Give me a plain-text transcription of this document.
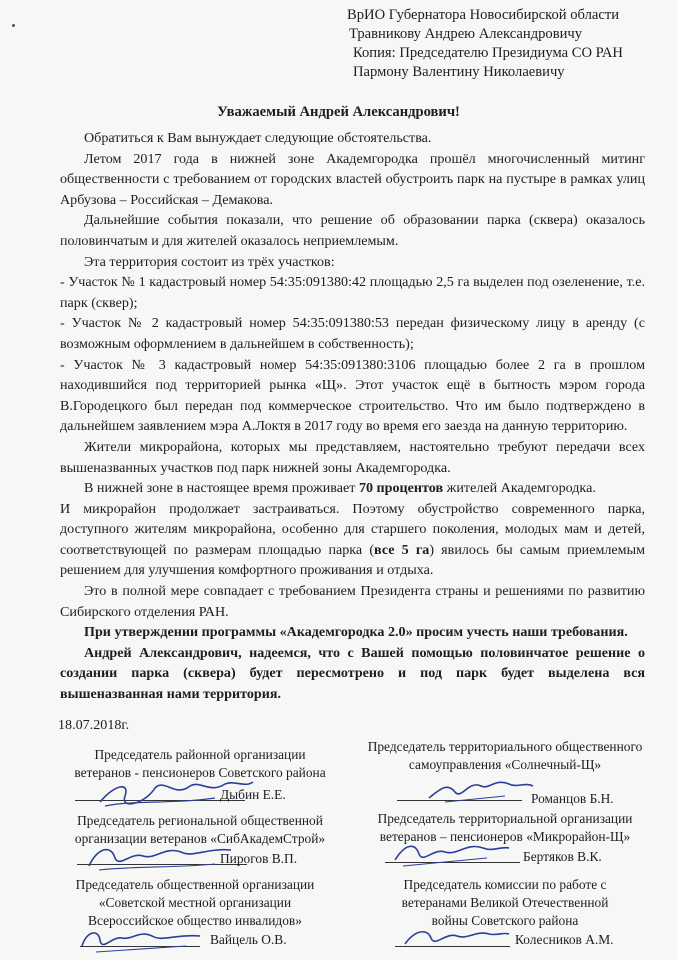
ВрИО Губернатора Новосибирской области
Травникову Андрею Александровичу
Копия: Председателю Президиума СО РАН
Пармону Валентину Николаевичу
Уважаемый Андрей Александрович!

Обратиться к Вам вынуждает следующие обстоятельства.

Летом 2017 года в нижней зоне Академгородка прошёл многочисленный митинг общественности с требованием от городских властей обустроить парк на пустыре в рамках улиц Арбузова – Российская – Демакова.

Дальнейшие события показали, что решение об образовании парка (сквера) оказалось половинчатым и для жителей оказалось неприемлемым.

Эта территория состоит из трёх участков:

- Участок № 1 кадастровый номер 54:35:091380:42 площадью 2,5 га выделен под озеленение, т.е. парк (сквер);

- Участок № 2 кадастровый номер 54:35:091380:53 передан физическому лицу в аренду (с возможным оформлением в дальнейшем в собственность);

- Участок № 3 кадастровый номер 54:35:091380:3106 площадью более 2 га в прошлом находившийся под территорией рынка «Щ». Этот участок ещё в бытность мэром города В.Городецкого был передан под коммерческое строительство. Что им было подтверждено в дальнейшем заявлением мэра А.Локтя в 2017 году во время его заезда на данную территорию.

Жители микрорайона, которых мы представляем, настоятельно требуют передачи всех вышеназванных участков под парк нижней зоны Академгородка.

В нижней зоне в настоящее время проживает 70 процентов жителей Академгородка.

И микрорайон продолжает застраиваться. Поэтому обустройство современного парка, доступного жителям микрорайона, особенно для старшего поколения, молодых мам и детей, соответствующей по размерам площадью парка (все 5 га) явилось бы самым приемлемым решением для улучшения комфортного проживания и отдыха.

Это в полной мере совпадает с требованием Президента страны и решениями по развитию Сибирского отделения РАН.

При утверждении программы «Академгородка 2.0» просим учесть наши требования.

Андрей Александрович, надеемся, что с Вашей помощью половинчатое решение о создании парка (сквера) будет пересмотрено и под парк будет выделена вся вышеназванная нами территория.

18.07.2018г.
Председатель районной организации
ветеранов - пенсионеров Советского района
Дыбин Е.Е.
Председатель территориального общественного
самоуправления «Солнечный-Щ»
Романцов Б.Н.
Председатель региональной общественной
организации ветеранов «СибАкадемСтрой»
Пирогов В.П.
Председатель территориальной организации
ветеранов – пенсионеров «Микрорайон-Щ»
Бертяков В.К.
Председатель общественной организации
«Советской местной организации
Всероссийское общество инвалидов»
Вайцель О.В.
Председатель комиссии по работе с
ветеранами Великой Отечественной
войны Советского района
Колесников А.М.
